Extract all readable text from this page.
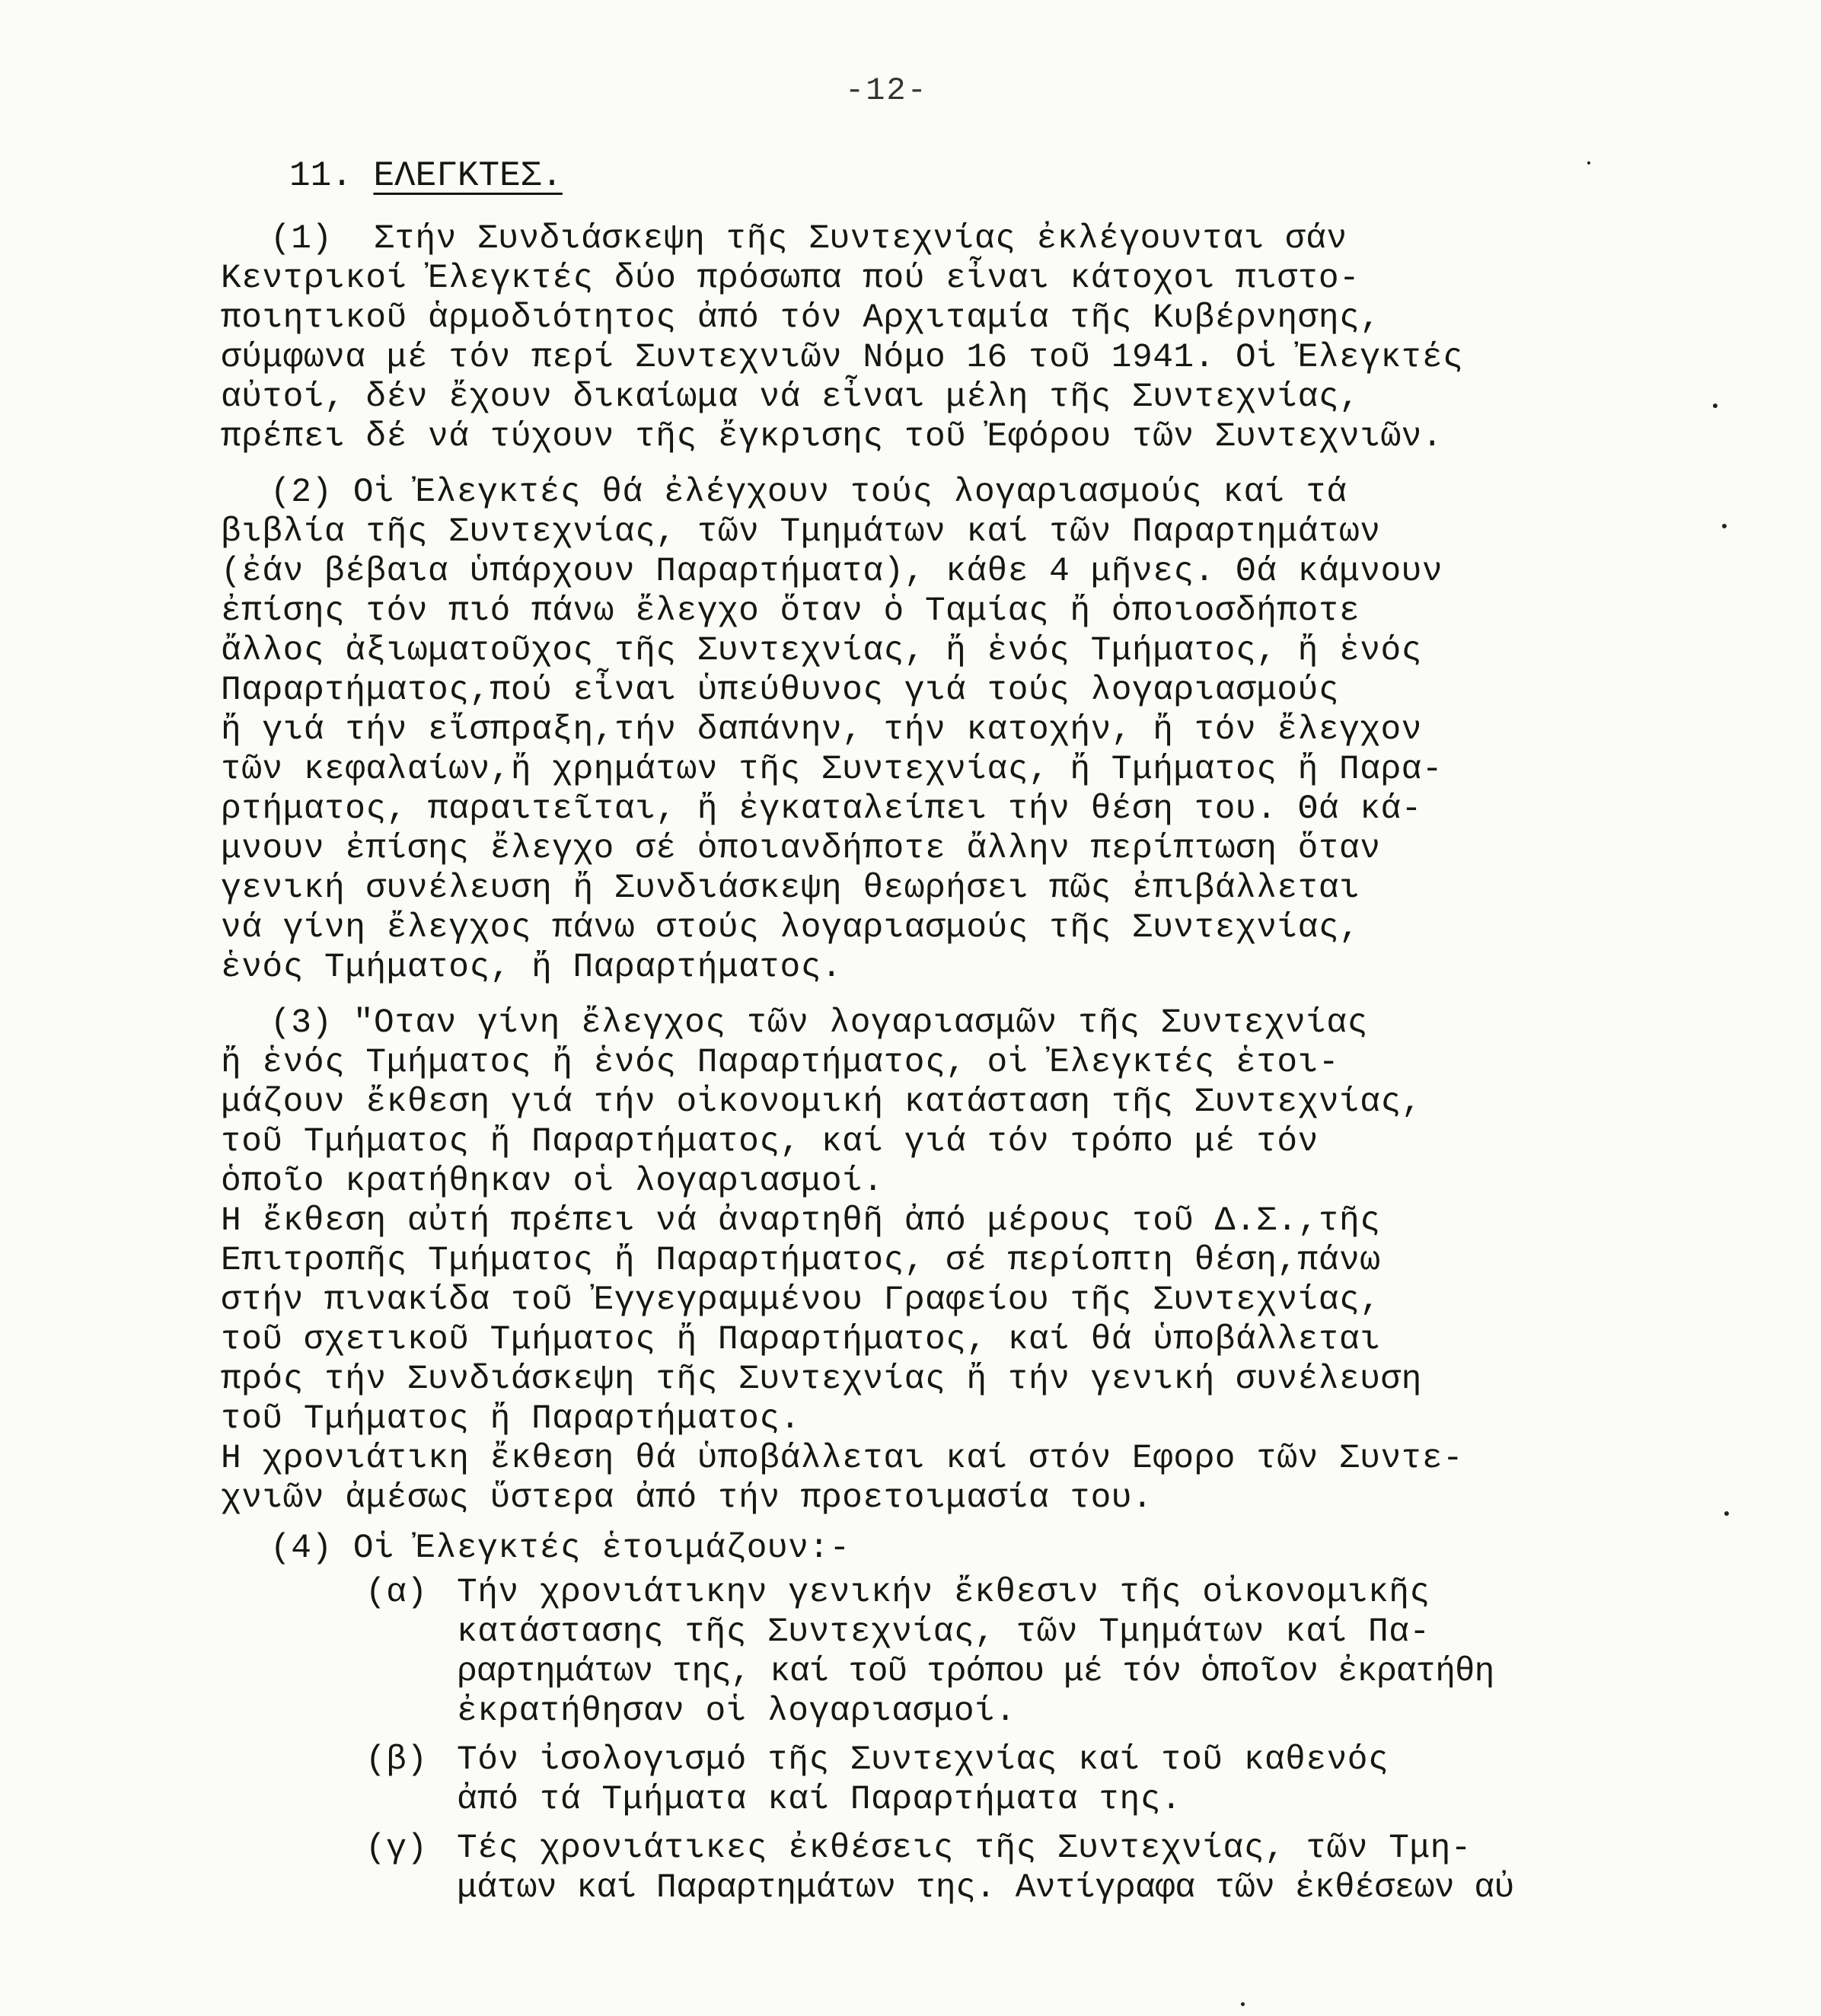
-12-
11. ΕΛΕΓΚΤΕΣ.
(1)  Στήν Συνδιάσκεψη τῆς Συντεχνίας ἐκλέγουνται σάν
Κεντρικοί Ἐλεγκτές δύο πρόσωπα πού εἶναι κάτοχοι πιστο-
ποιητικοῦ ἁρμοδιότητος ἀπό τόν Αρχιταμία τῆς Κυβέρνησης,
σύμφωνα μέ τόν περί Συντεχνιῶν Νόμο 16 τοῦ 1941. Οἱ Ἐλεγκτές
αὐτοί, δέν ἔχουν δικαίωμα νά εἶναι μέλη τῆς Συντεχνίας,
πρέπει δέ νά τύχουν τῆς ἔγκρισης τοῦ Ἐφόρου τῶν Συντεχνιῶν.
(2) Οἱ Ἐλεγκτές θά ἐλέγχουν τούς λογαριασμούς καί τά
βιβλία τῆς Συντεχνίας, τῶν Τμημάτων καί τῶν Παραρτημάτων
(ἐάν βέβαια ὑπάρχουν Παραρτήματα), κάθε 4 μῆνες. Θά κάμνουν
ἐπίσης τόν πιό πάνω ἔλεγχο ὅταν ὁ Ταμίας ἤ ὁποιοσδήποτε
ἄλλος ἀξιωματοῦχος τῆς Συντεχνίας, ἤ ἑνός Τμήματος, ἤ ἑνός
Παραρτήματος,πού εἶναι ὑπεύθυνος γιά τούς λογαριασμούς
ἤ γιά τήν εἴσπραξη,τήν δαπάνην, τήν κατοχήν, ἤ τόν ἔλεγχον
τῶν κεφαλαίων,ἤ χρημάτων τῆς Συντεχνίας, ἤ Τμήματος ἤ Παρα-
ρτήματος, παραιτεῖται, ἤ ἐγκαταλείπει τήν θέση του. Θά κά-
μνουν ἐπίσης ἔλεγχο σέ ὁποιανδήποτε ἄλλην περίπτωση ὅταν
γενική συνέλευση ἤ Συνδιάσκεψη θεωρήσει πῶς ἐπιβάλλεται
νά γίνη ἔλεγχος πάνω στούς λογαριασμούς τῆς Συντεχνίας,
ἑνός Τμήματος, ἤ Παραρτήματος.
(3) "Οταν γίνη ἔλεγχος τῶν λογαριασμῶν τῆς Συντεχνίας
ἤ ἑνός Τμήματος ἤ ἑνός Παραρτήματος, οἱ Ἐλεγκτές ἑτοι-
μάζουν ἔκθεση γιά τήν οἰκονομική κατάσταση τῆς Συντεχνίας,
τοῦ Τμήματος ἤ Παραρτήματος, καί γιά τόν τρόπο μέ τόν
ὁποῖο κρατήθηκαν οἱ λογαριασμοί.
Η ἔκθεση αὐτή πρέπει νά ἀναρτηθῆ ἀπό μέρους τοῦ Δ.Σ.,τῆς
Επιτροπῆς Τμήματος ἤ Παραρτήματος, σέ περίοπτη θέση,πάνω
στήν πινακίδα τοῦ Ἐγγεγραμμένου Γραφείου τῆς Συντεχνίας,
τοῦ σχετικοῦ Τμήματος ἤ Παραρτήματος, καί θά ὑποβάλλεται
πρός τήν Συνδιάσκεψη τῆς Συντεχνίας ἤ τήν γενική συνέλευση
τοῦ Τμήματος ἤ Παραρτήματος.
Η χρονιάτικη ἔκθεση θά ὑποβάλλεται καί στόν Εφορο τῶν Συντε-
χνιῶν ἀμέσως ὕστερα ἀπό τήν προετοιμασία του.
(4) Οἱ Ἐλεγκτές ἑτοιμάζουν:-
(α) Τήν χρονιάτικην γενικήν ἔκθεσιν τῆς οἰκονομικῆς
κατάστασης τῆς Συντεχνίας, τῶν Τμημάτων καί Πα-
ραρτημάτων της, καί τοῦ τρόπου μέ τόν ὁποῖον ἐκρατήθη
ἐκρατήθησαν οἱ λογαριασμοί.
(β) Τόν ἰσολογισμό τῆς Συντεχνίας καί τοῦ καθενός
ἀπό τά Τμήματα καί Παραρτήματα της.
(γ) Τές χρονιάτικες ἐκθέσεις τῆς Συντεχνίας, τῶν Τμη-
μάτων καί Παραρτημάτων της. Αντίγραφα τῶν ἐκθέσεων αὐ
